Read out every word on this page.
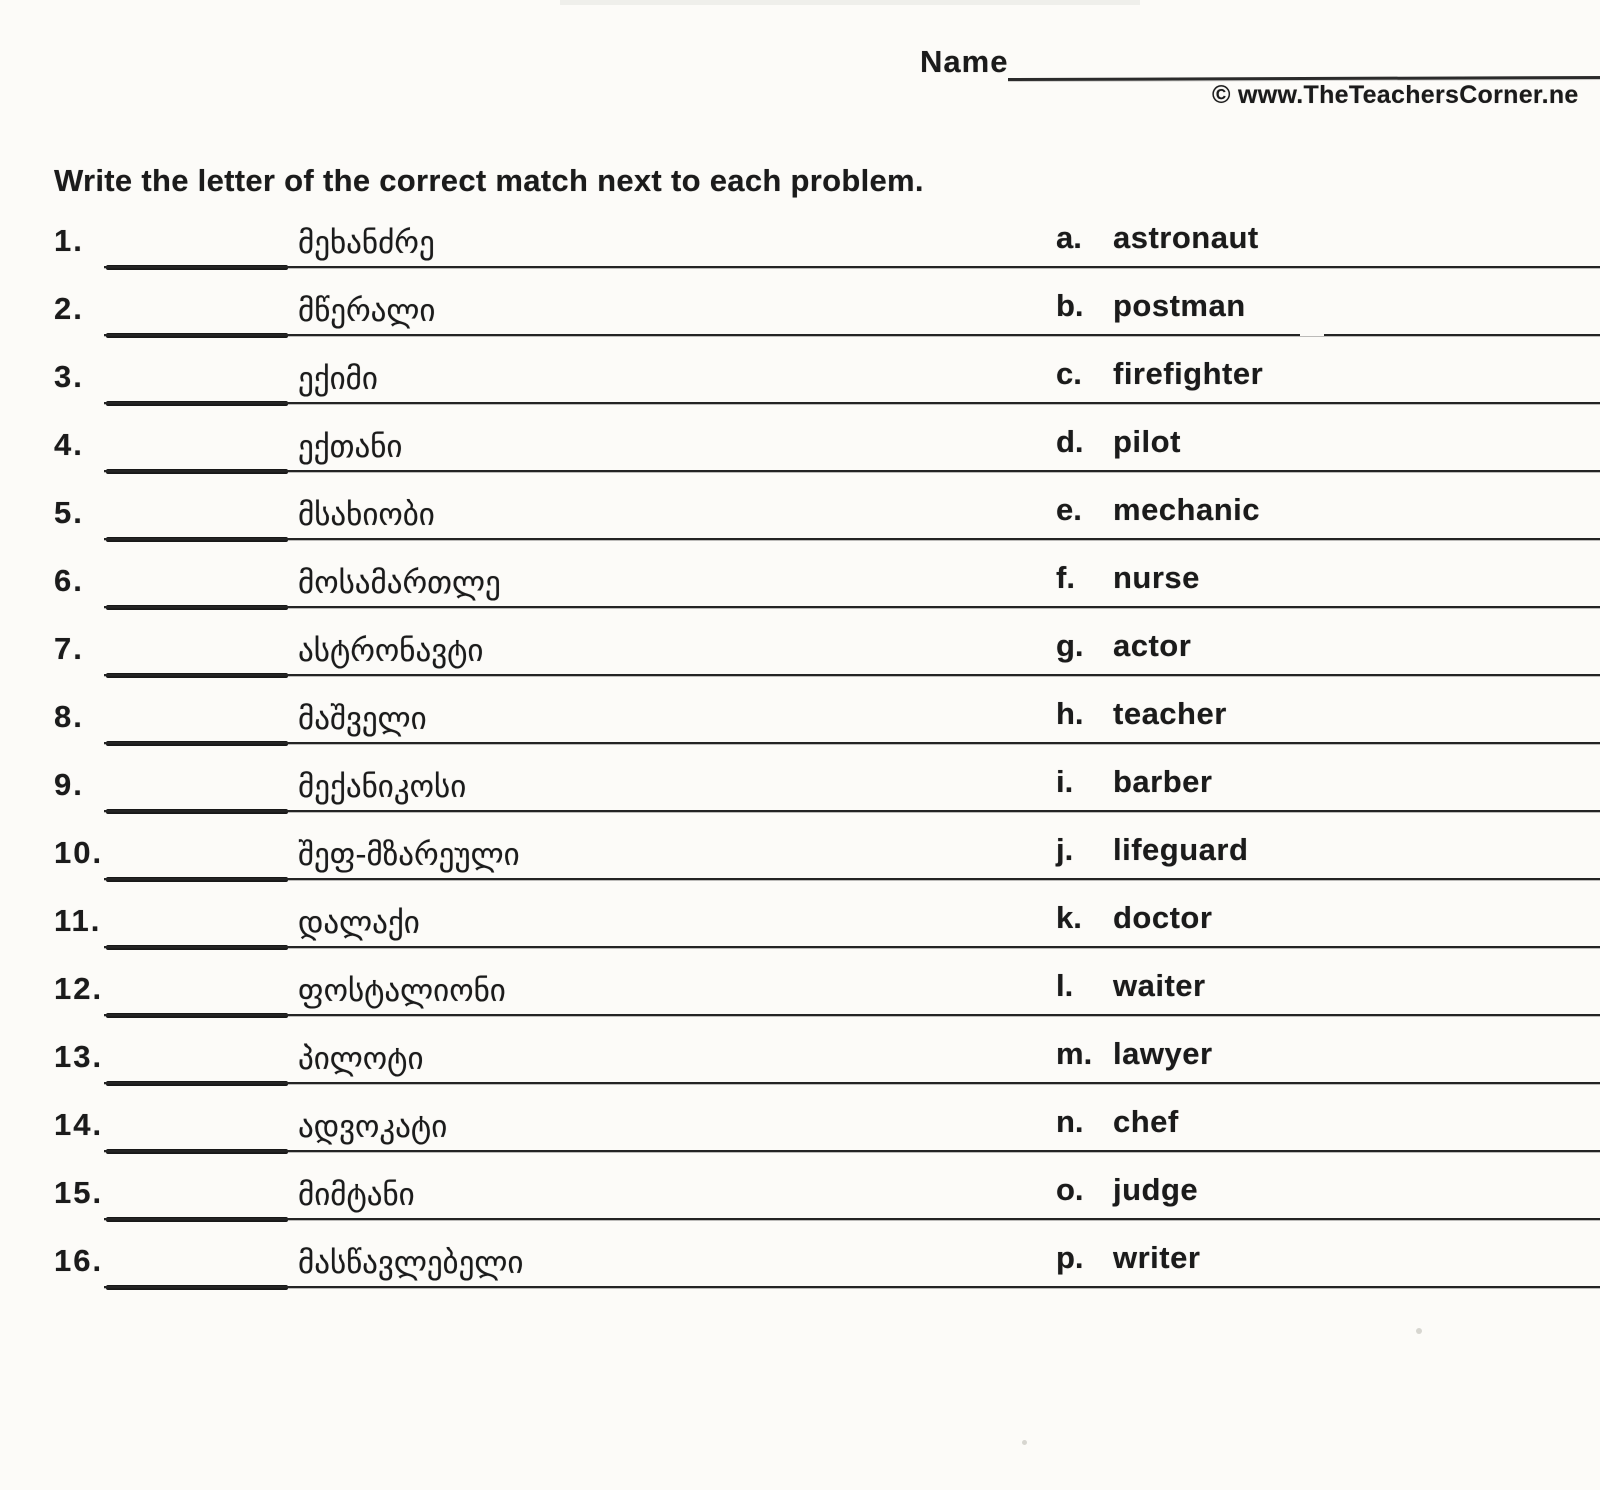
Name
© www.TheTeachersCorner.ne
Write the letter of the correct match next to each problem.
1.	მეხანძრე	a. astronaut
2.	მწერალი	b. postman
3.	ექიმი	c. firefighter
4.	ექთანი	d. pilot
5.	მსახიობი	e. mechanic
6.	მოსამართლე	f. nurse
7.	ასტრონავტი	g. actor
8.	მაშველი	h. teacher
9.	მექანიკოსი	i. barber
10.	შეფ-მზარეული	j. lifeguard
11.	დალაქი	k. doctor
12.	ფოსტალიონი	l. waiter
13.	პილოტი	m. lawyer
14.	ადვოკატი	n. chef
15.	მიმტანი	o. judge
16.	მასწავლებელი	p. writer
